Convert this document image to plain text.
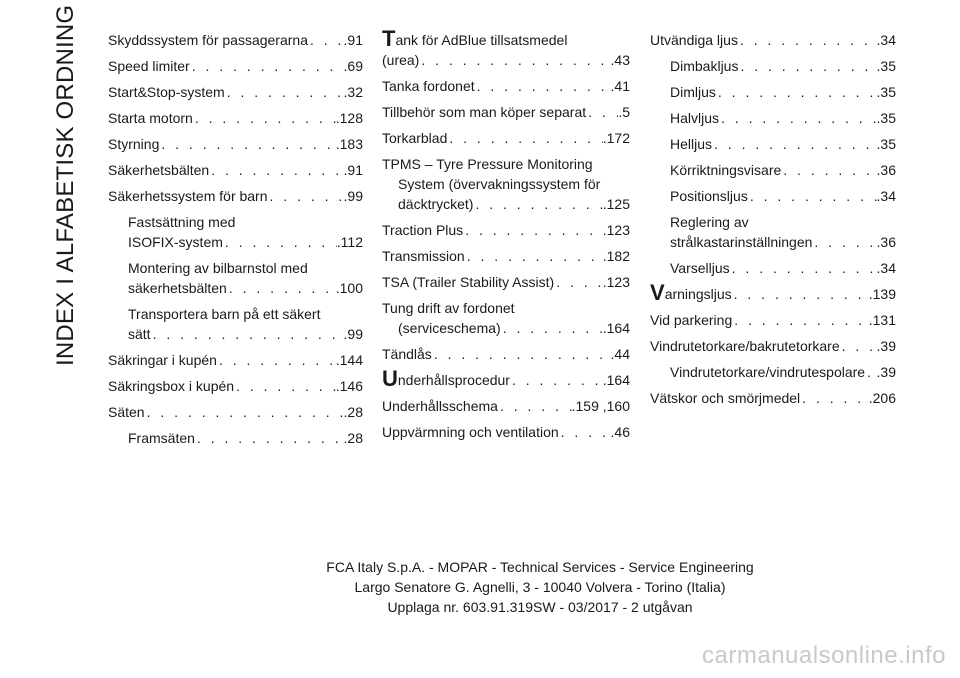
INDEX I ALFABETISK ORDNING Skyddssystem för passagerarna . . .	.91
Speed limiter . . .	.69
Start&Stop-system . . .	.32
Starta motorn . . .	.128
Styrning . . .	.183
Säkerhetsbälten . . .	.91
Säkerhetssystem för barn . . .	.99
Fastsättning med
ISOFIX-system . . .	.112
Montering av bilbarnstol med
säkerhetsbälten . . .	.100
Transportera barn på ett säkert
sätt . . .	.99
Säkringar i kupén . . .	.144
Säkringsbox i kupén . . .	.146
Säten . . .	.28
Framsäten . . .	.28
Tank för AdBlue tillsatsmedel
(urea) . . .	.43
Tanka fordonet . . .	.41
Tillbehör som man köper separat . . . .5
Torkarblad . . .	.172
TPMS – Tyre Pressure Monitoring
System (övervakningssystem för
däcktrycket) . . .	.125
Traction Plus . . .	.123
Transmission . . .	.182
TSA (Trailer Stability Assist) . . .	.123
Tung drift av fordonet
(serviceschema) . . .	.164
Tändlås . . .	.44
Underhållsprocedur . . .	.164
Underhållsschema . . .	.159 ,160
Uppvärmning och ventilation . . .	.46
Utvändiga ljus . . .	.34
Dimbakljus . . .	.35
Dimljus . . .	.35
Halvljus . . .	.35
Helljus . . .	.35
Körriktningsvisare . . .	.36
Positionsljus . . .	.34
Reglering av
strålkastarinställningen . . .	.36
Varselljus . . .	.34
Varningsljus . . .	.139
Vid parkering . . .	.131
Vindrutetorkare/bakrutetorkare . . .	.39
Vindrutetorkare/vindrutespolare . . . .39
Vätskor och smörjmedel . . .	.206
FCA Italy S.p.A. - MOPAR - Technical Services - Service Engineering
Largo Senatore G. Agnelli, 3 - 10040 Volvera - Torino (Italia)
Upplaga nr. 603.91.319SW - 03/2017 - 2 utgåvan
carmanualsonline.info
